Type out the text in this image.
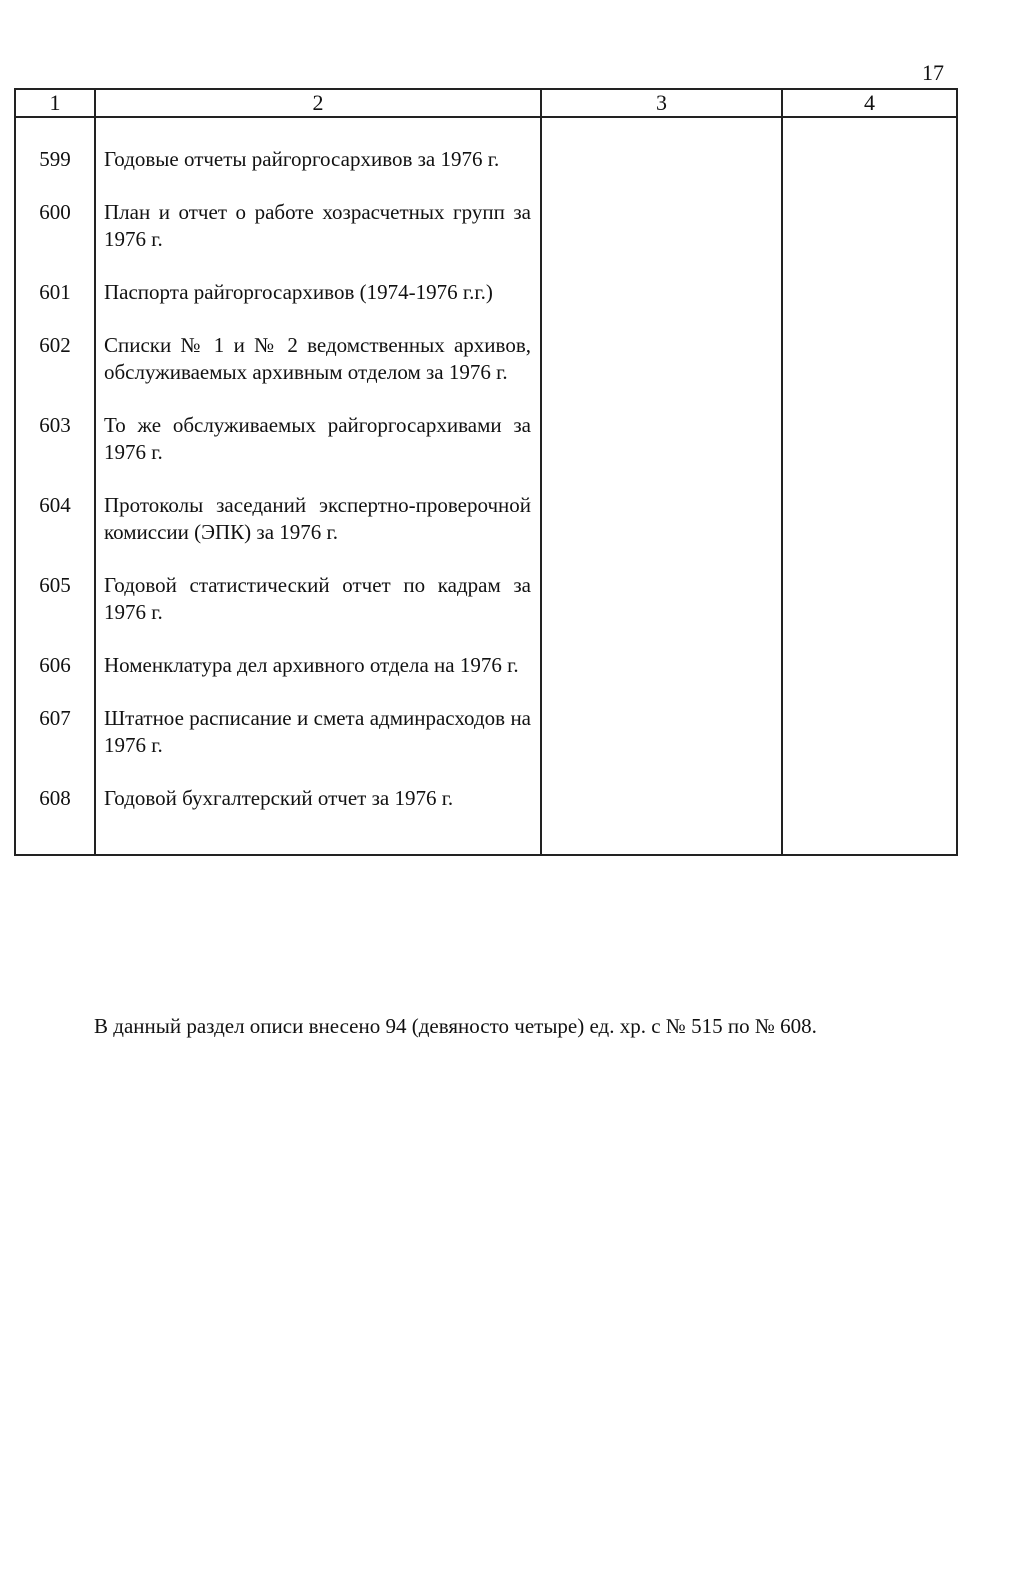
17
1	2	3	4

599	Годовые отчеты райгоргосархивов за 1976 г.		

600	План и отчет о работе хозрасчетных групп за 1976 г.		

601	Паспорта райгоргосархивов (1974-1976 г.г.)		

602	Списки № 1 и № 2 ведомственных архивов, обслуживаемых архивным отделом за 1976 г.		

603	То же обслуживаемых райгоргосархивами за 1976 г.		

604	Протоколы заседаний экспертно-проверочной комиссии (ЭПК) за 1976 г.		

605	Годовой статистический отчет по кадрам за 1976 г.		

606	Номенклатура дел архивного отдела на 1976 г.		

607	Штатное расписание и смета админрасходов на 1976 г.		

608	Годовой бухгалтерский отчет за 1976 г.		

В данный раздел описи внесено 94 (девяносто четыре) ед. хр. с № 515 по № 608.
